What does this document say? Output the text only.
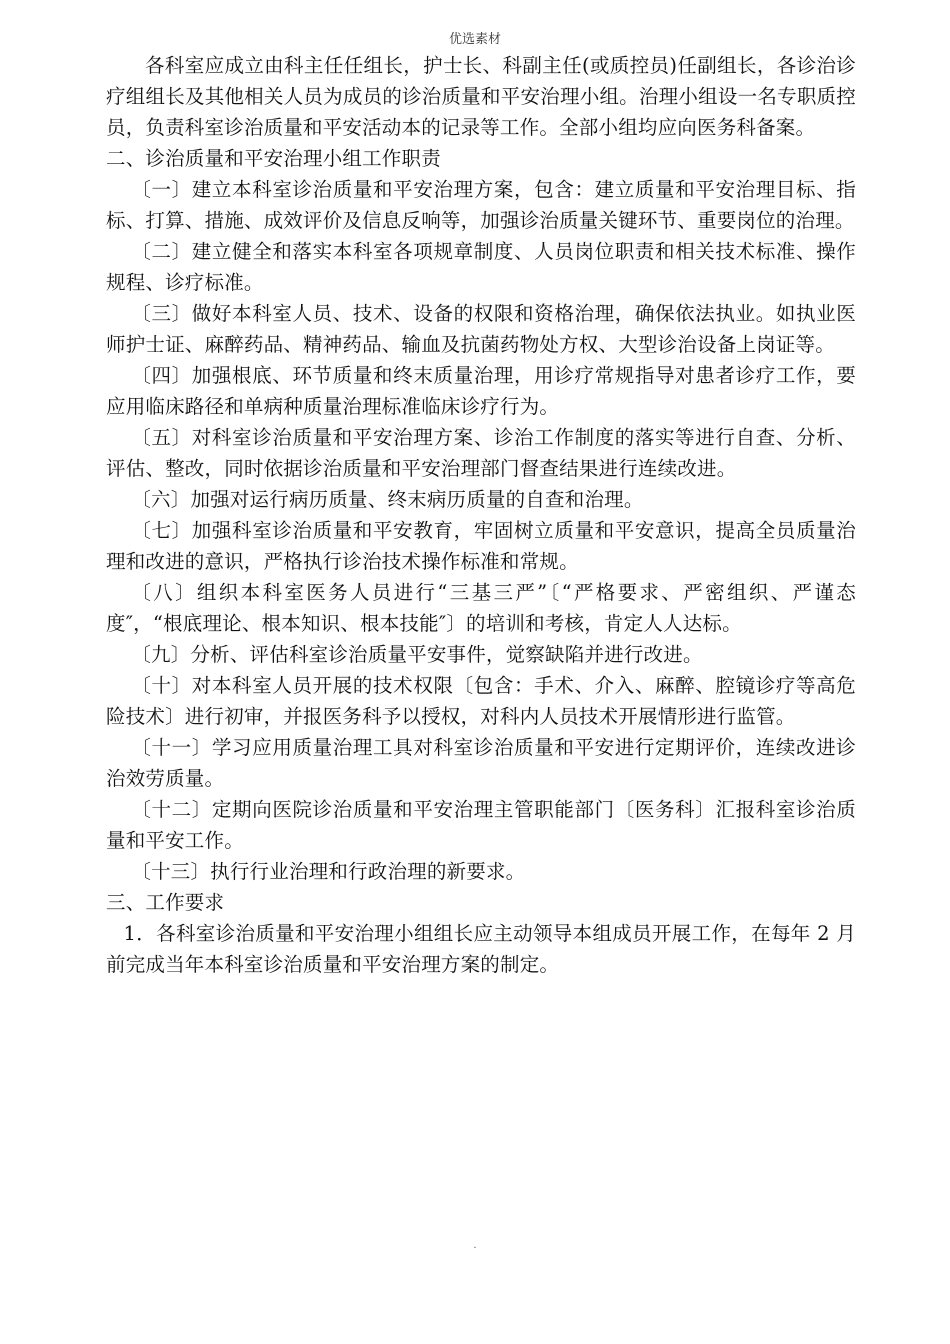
优选素材

各科室应成立由科主任任组长，护士长、科副主任(或质控员)任副组长，各诊治诊疗组组长及其他相关人员为成员的诊治质量和平安治理小组。治理小组设一名专职质控员，负责科室诊治质量和平安活动本的记录等工作。全部小组均应向医务科备案。

二、诊治质量和平安治理小组工作职责

〔一〕建立本科室诊治质量和平安治理方案，包含：建立质量和平安治理目标、指标、打算、措施、成效评价及信息反响等，加强诊治质量关键环节、重要岗位的治理。

〔二〕建立健全和落实本科室各项规章制度、人员岗位职责和相关技术标准、操作规程、诊疗标准。

〔三〕做好本科室人员、技术、设备的权限和资格治理，确保依法执业。如执业医师护士证、麻醉药品、精神药品、输血及抗菌药物处方权、大型诊治设备上岗证等。

〔四〕加强根底、环节质量和终末质量治理，用诊疗常规指导对患者诊疗工作，要应用临床路径和单病种质量治理标准临床诊疗行为。

〔五〕对科室诊治质量和平安治理方案、诊治工作制度的落实等进行自查、分析、评估、整改，同时依据诊治质量和平安治理部门督查结果进行连续改进。

〔六〕加强对运行病历质量、终末病历质量的自查和治理。

〔七〕加强科室诊治质量和平安教育，牢固树立质量和平安意识，提高全员质量治理和改进的意识，严格执行诊治技术操作标准和常规。

〔八〕组织本科室医务人员进行“三基三严”〔“严格要求、严密组织、严谨态度″，“根底理论、根本知识、根本技能″〕的培训和考核，肯定人人达标。

〔九〕分析、评估科室诊治质量平安事件，觉察缺陷并进行改进。

〔十〕对本科室人员开展的技术权限〔包含：手术、介入、麻醉、腔镜诊疗等高危险技术〕进行初审，并报医务科予以授权，对科内人员技术开展情形进行监管。

〔十一〕学习应用质量治理工具对科室诊治质量和平安进行定期评价，连续改进诊治效劳质量。

〔十二〕定期向医院诊治质量和平安治理主管职能部门〔医务科〕汇报科室诊治质量和平安工作。

〔十三〕执行行业治理和行政治理的新要求。

三、工作要求

1．各科室诊治质量和平安治理小组组长应主动领导本组成员开展工作，在每年 2 月前完成当年本科室诊治质量和平安治理方案的制定。

.
